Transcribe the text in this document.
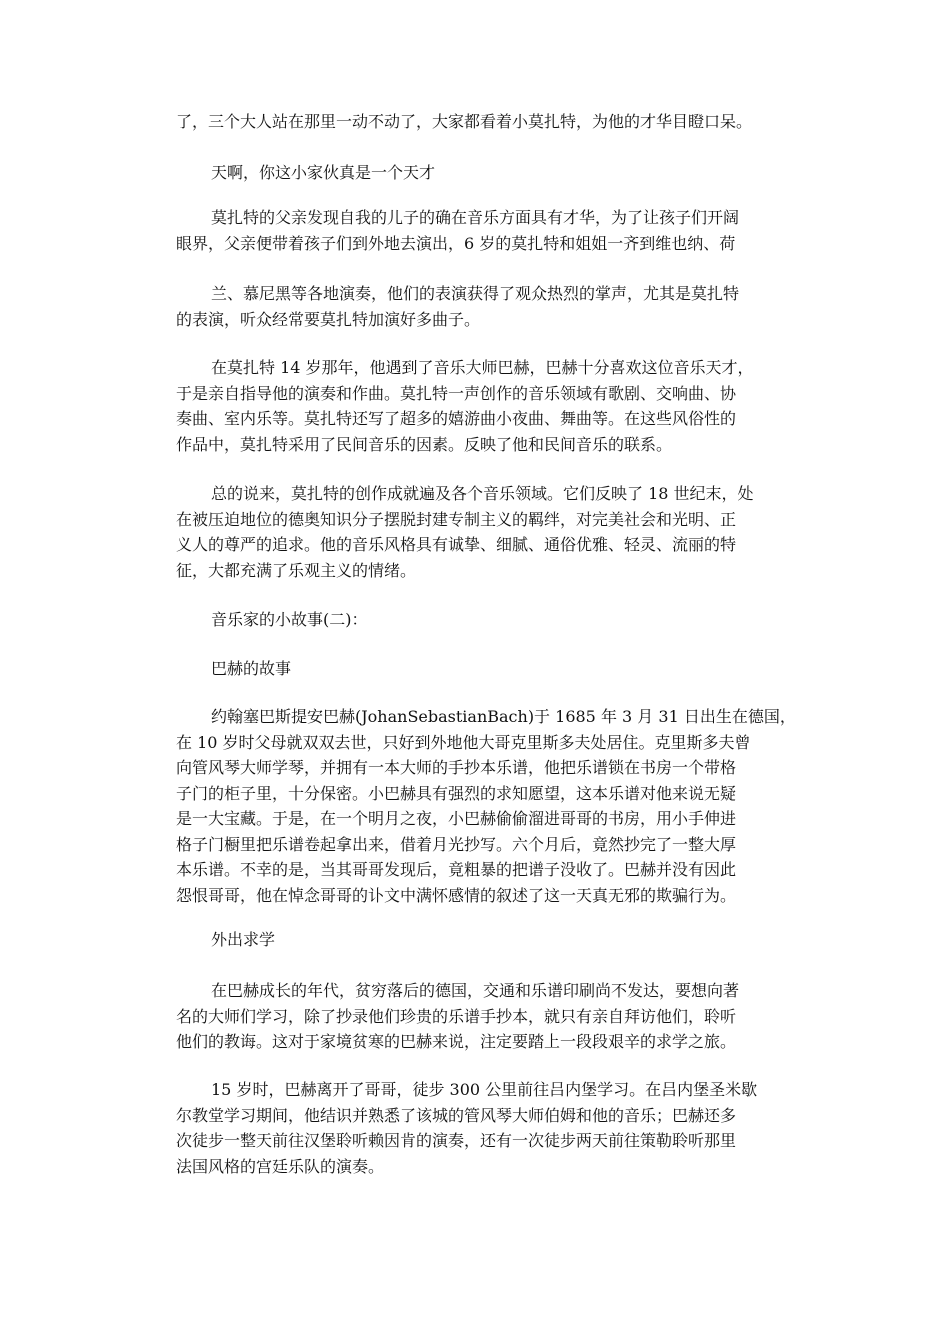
了，三个大人站在那里一动不动了，大家都看着小莫扎特，为他的才华目瞪口呆。
天啊，你这小家伙真是一个天才
莫扎特的父亲发现自我的儿子的确在音乐方面具有才华，为了让孩子们开阔
眼界，父亲便带着孩子们到外地去演出，6 岁的莫扎特和姐姐一齐到维也纳、荷
兰、慕尼黑等各地演奏，他们的表演获得了观众热烈的掌声，尤其是莫扎特
的表演，听众经常要莫扎特加演好多曲子。
在莫扎特 14 岁那年，他遇到了音乐大师巴赫，巴赫十分喜欢这位音乐天才，
于是亲自指导他的演奏和作曲。莫扎特一声创作的音乐领域有歌剧、交响曲、协
奏曲、室内乐等。莫扎特还写了超多的嬉游曲小夜曲、舞曲等。在这些风俗性的
作品中，莫扎特采用了民间音乐的因素。反映了他和民间音乐的联系。
总的说来，莫扎特的创作成就遍及各个音乐领域。它们反映了 18 世纪末，处
在被压迫地位的德奥知识分子摆脱封建专制主义的羁绊，对完美社会和光明、正
义人的尊严的追求。他的音乐风格具有诚挚、细腻、通俗优雅、轻灵、流丽的特
征，大都充满了乐观主义的情绪。
音乐家的小故事(二)：
巴赫的故事
约翰塞巴斯提安巴赫(JohanSebastianBach)于 1685 年 3 月 31 日出生在德国，
在 10 岁时父母就双双去世，只好到外地他大哥克里斯多夫处居住。克里斯多夫曾
向管风琴大师学琴，并拥有一本大师的手抄本乐谱，他把乐谱锁在书房一个带格
子门的柜子里，十分保密。小巴赫具有强烈的求知愿望，这本乐谱对他来说无疑
是一大宝藏。于是，在一个明月之夜，小巴赫偷偷溜进哥哥的书房，用小手伸进
格子门橱里把乐谱卷起拿出来，借着月光抄写。六个月后，竟然抄完了一整大厚
本乐谱。不幸的是，当其哥哥发现后，竟粗暴的把谱子没收了。巴赫并没有因此
怨恨哥哥，他在悼念哥哥的讣文中满怀感情的叙述了这一天真无邪的欺骗行为。
外出求学
在巴赫成长的年代，贫穷落后的德国，交通和乐谱印刷尚不发达，要想向著
名的大师们学习，除了抄录他们珍贵的乐谱手抄本，就只有亲自拜访他们，聆听
他们的教诲。这对于家境贫寒的巴赫来说，注定要踏上一段段艰辛的求学之旅。
15 岁时，巴赫离开了哥哥，徒步 300 公里前往吕内堡学习。在吕内堡圣米歇
尔教堂学习期间，他结识并熟悉了该城的管风琴大师伯姆和他的音乐；巴赫还多
次徒步一整天前往汉堡聆听赖因肯的演奏，还有一次徒步两天前往策勒聆听那里
法国风格的宫廷乐队的演奏。
